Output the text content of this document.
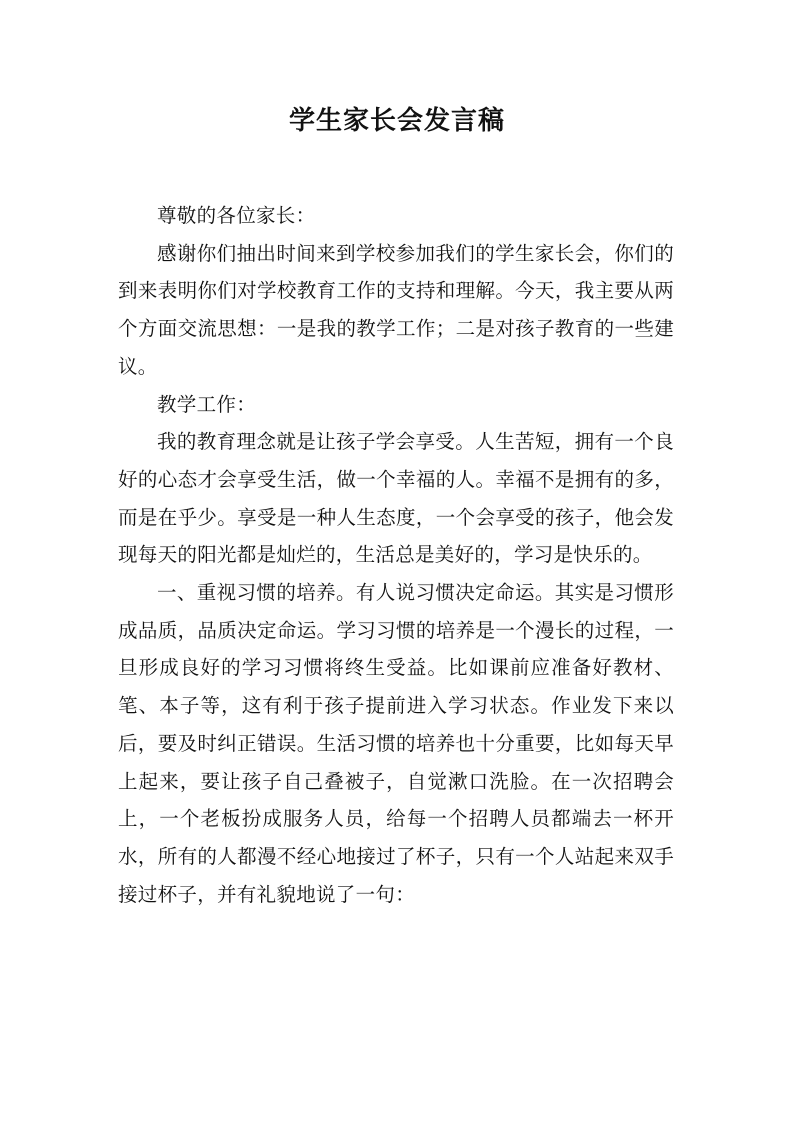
学生家长会发言稿

尊敬的各位家长：

感谢你们抽出时间来到学校参加我们的学生家长会，你们的到来表明你们对学校教育工作的支持和理解。今天，我主要从两个方面交流思想：一是我的教学工作；二是对孩子教育的一些建议。

教学工作：

我的教育理念就是让孩子学会享受。人生苦短，拥有一个良好的心态才会享受生活，做一个幸福的人。幸福不是拥有的多，而是在乎少。享受是一种人生态度，一个会享受的孩子，他会发现每天的阳光都是灿烂的，生活总是美好的，学习是快乐的。

一、重视习惯的培养。有人说习惯决定命运。其实是习惯形成品质，品质决定命运。学习习惯的培养是一个漫长的过程，一旦形成良好的学习习惯将终生受益。比如课前应准备好教材、笔、本子等，这有利于孩子提前进入学习状态。作业发下来以后，要及时纠正错误。生活习惯的培养也十分重要，比如每天早上起来，要让孩子自己叠被子，自觉漱口洗脸。在一次招聘会上，一个老板扮成服务人员，给每一个招聘人员都端去一杯开水，所有的人都漫不经心地接过了杯子，只有一个人站起来双手接过杯子，并有礼貌地说了一句：
